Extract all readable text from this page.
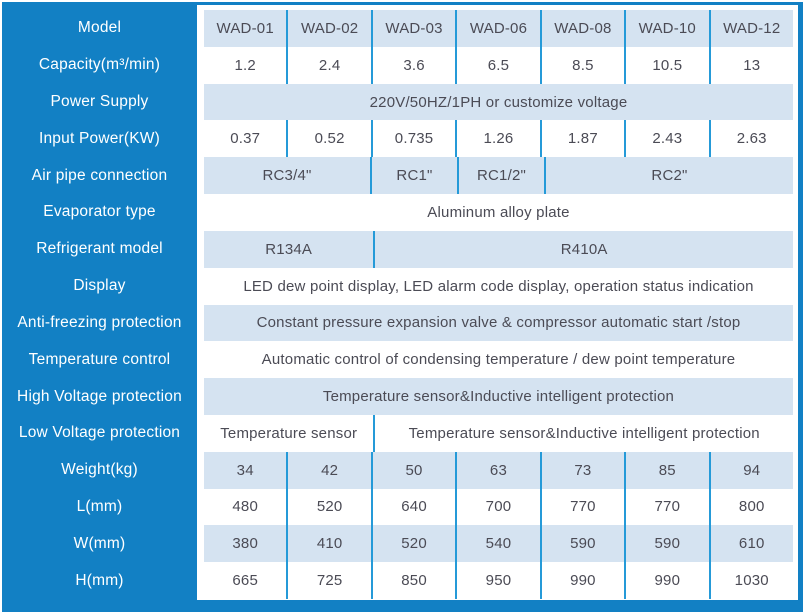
Model	WAD-01	WAD-02	WAD-03	WAD-06	WAD-08	WAD-10	WAD-12
Capacity(m³/min)	1.2	2.4	3.6	6.5	8.5	10.5	13
Power Supply	220V/50HZ/1PH or customize voltage
Input Power(KW)	0.37	0.52	0.735	1.26	1.87	2.43	2.63
Air pipe connection	RC3/4"	RC1"	RC1/2"	RC2"
Evaporator type	Aluminum alloy plate
Refrigerant model	R134A	R410A
Display	LED dew point display, LED alarm code display, operation status indication
Anti-freezing protection	Constant pressure expansion valve & compressor automatic start /stop
Temperature control	Automatic control of condensing temperature / dew point temperature
High Voltage protection	Temperature sensor&Inductive intelligent protection
Low Voltage protection	Temperature sensor	Temperature sensor&Inductive intelligent protection
Weight(kg)	34	42	50	63	73	85	94
L(mm)	480	520	640	700	770	770	800
W(mm)	380	410	520	540	590	590	610
H(mm)	665	725	850	950	990	990	1030
